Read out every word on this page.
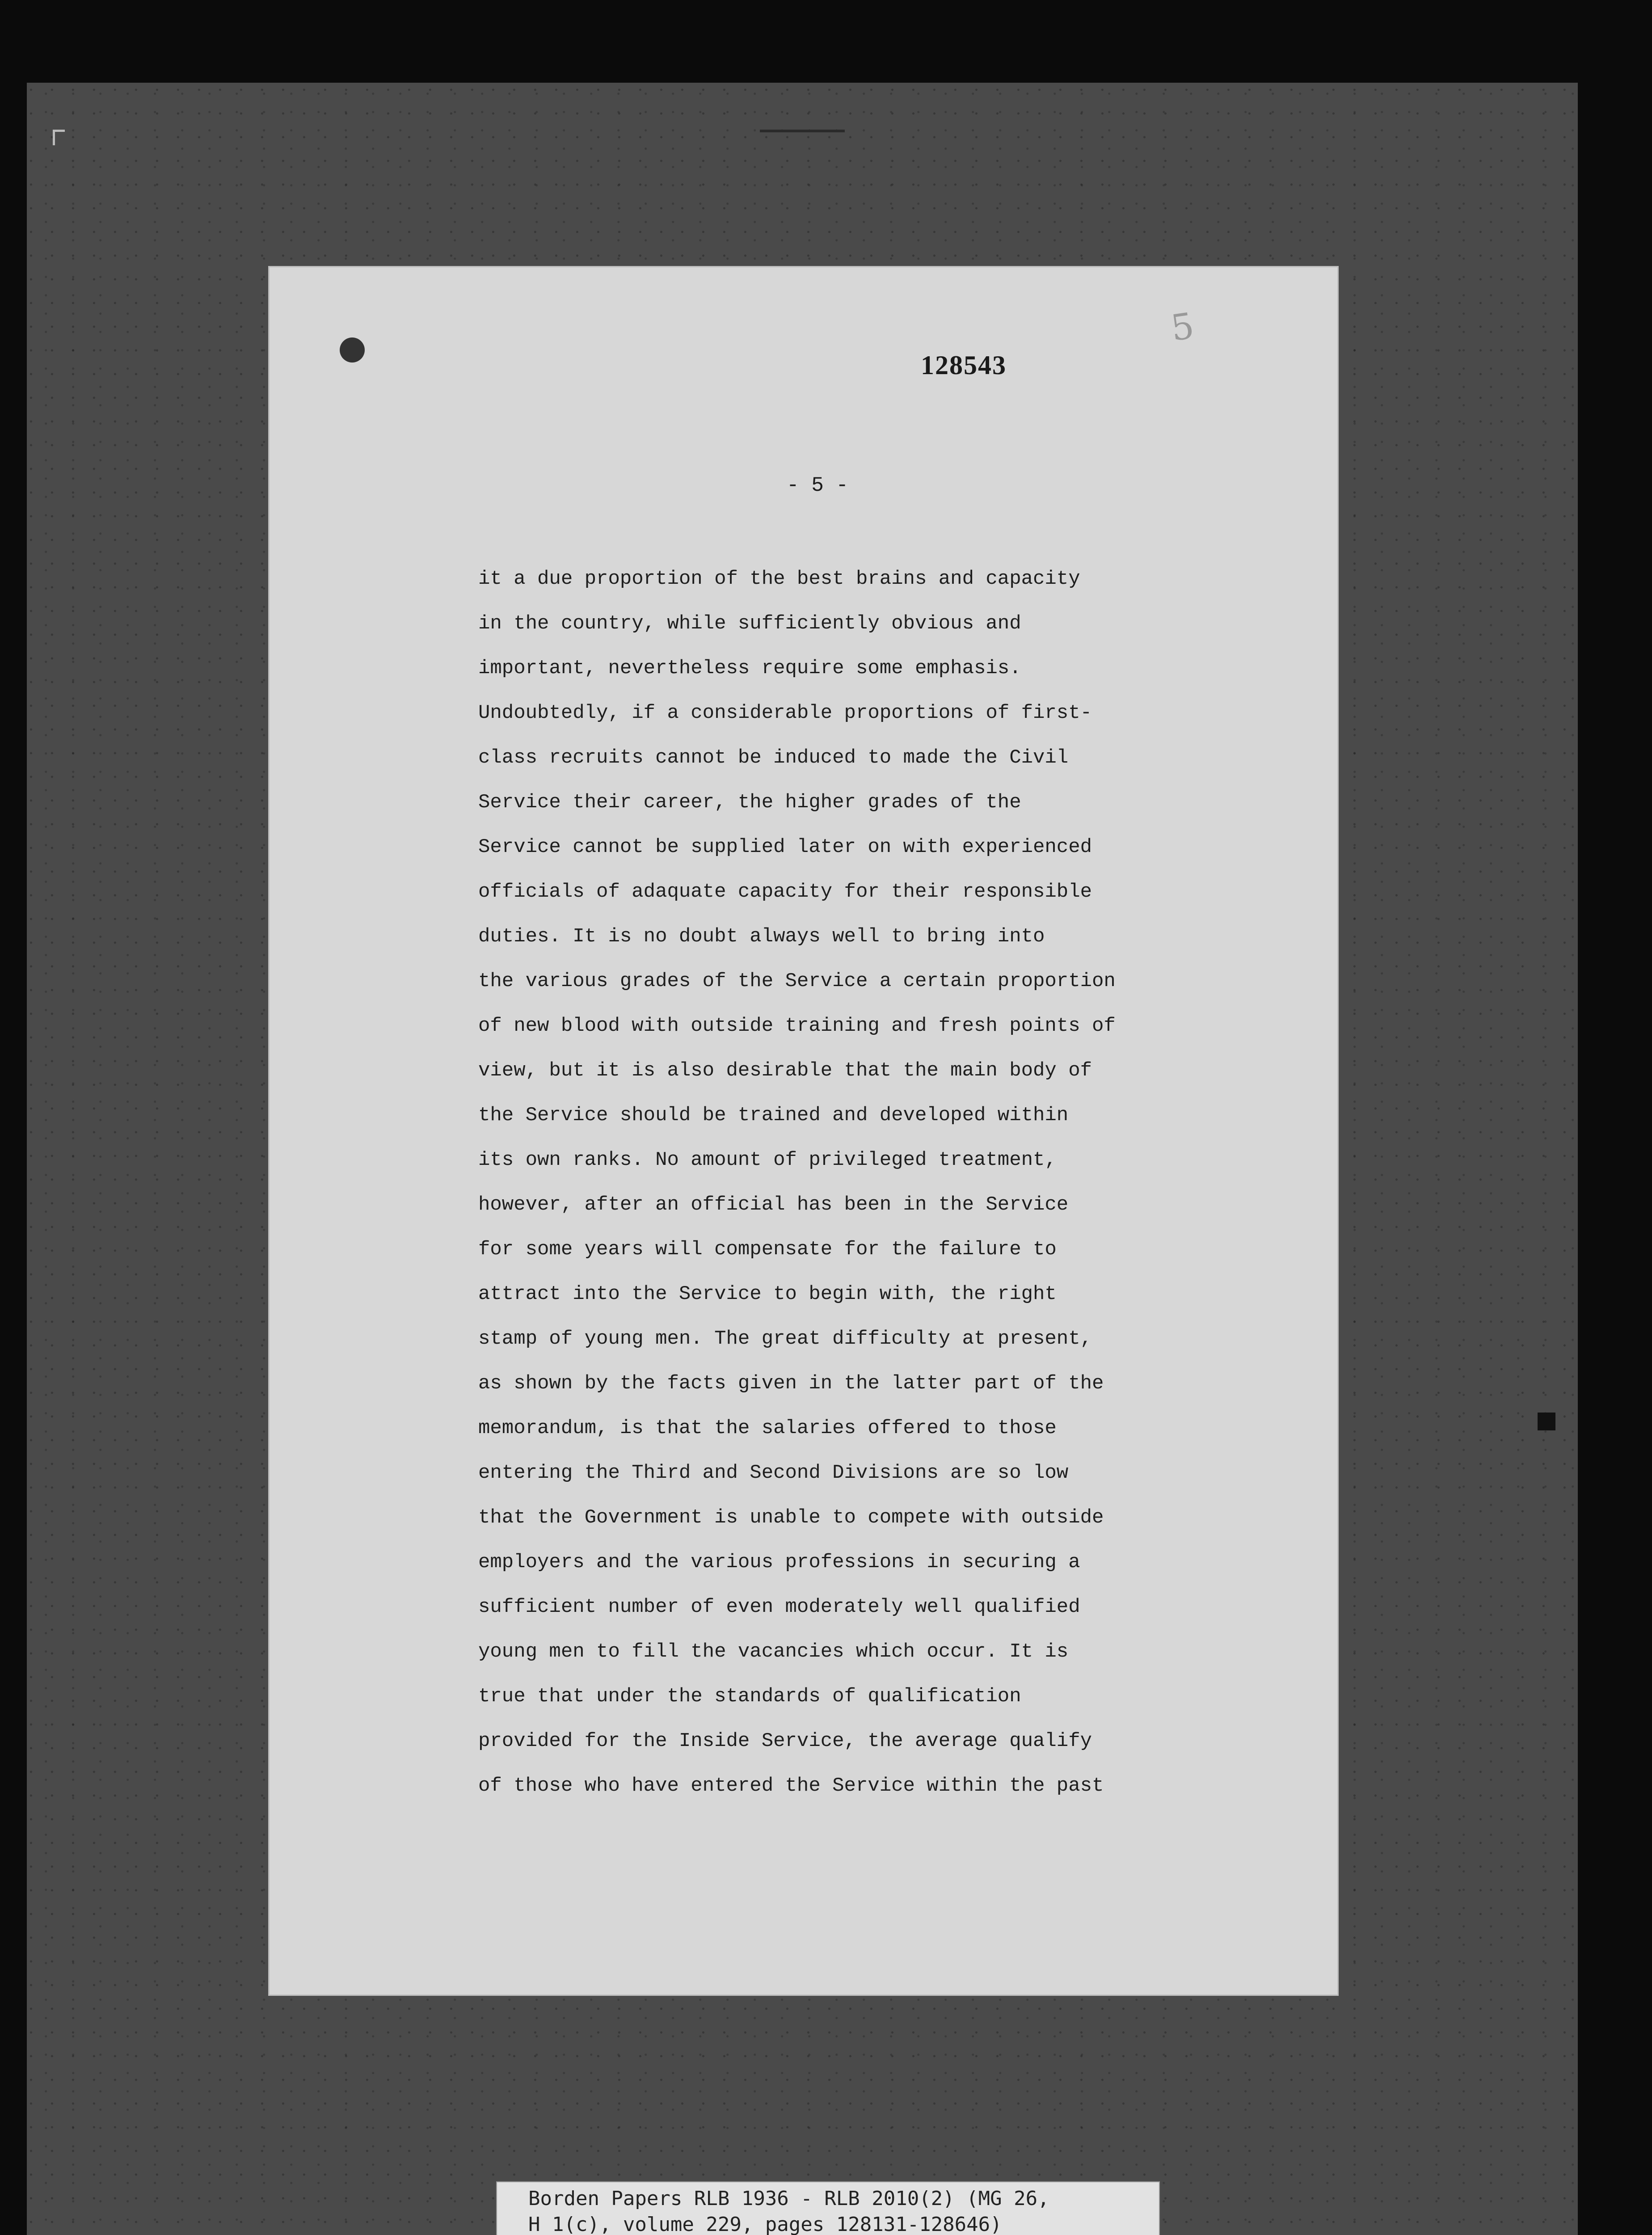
5
128543
- 5 -
it a due proportion of the best brains and capacity
in the country, while sufficiently obvious and
important, nevertheless require some emphasis.
Undoubtedly, if a considerable proportions of first-
class recruits cannot be induced to made the Civil
Service their career, the higher grades of the
Service cannot be supplied later on with experienced
officials of adaquate capacity for their responsible
duties. It is no doubt always well to bring into
the various grades of the Service a certain proportion
of new blood with outside training and fresh points of
view, but it is also desirable that the main body of
the Service should be trained and developed within
its own ranks. No amount of privileged treatment,
however, after an official has been in the Service
for some years will compensate for the failure to
attract into the Service to begin with, the right
stamp of young men. The great difficulty at present,
as shown by the facts given in the latter part of the
memorandum, is that the salaries offered to those
entering the Third and Second Divisions are so low
that the Government is unable to compete with outside
employers and the various professions in securing a
sufficient number of even moderately well qualified
young men to fill the vacancies which occur. It is
true that under the standards of qualification
provided for the Inside Service, the average qualify
of those who have entered the Service within the past
Borden Papers RLB 1936 - RLB 2010(2) (MG 26,
H 1(c), volume 229, pages 128131-128646)
